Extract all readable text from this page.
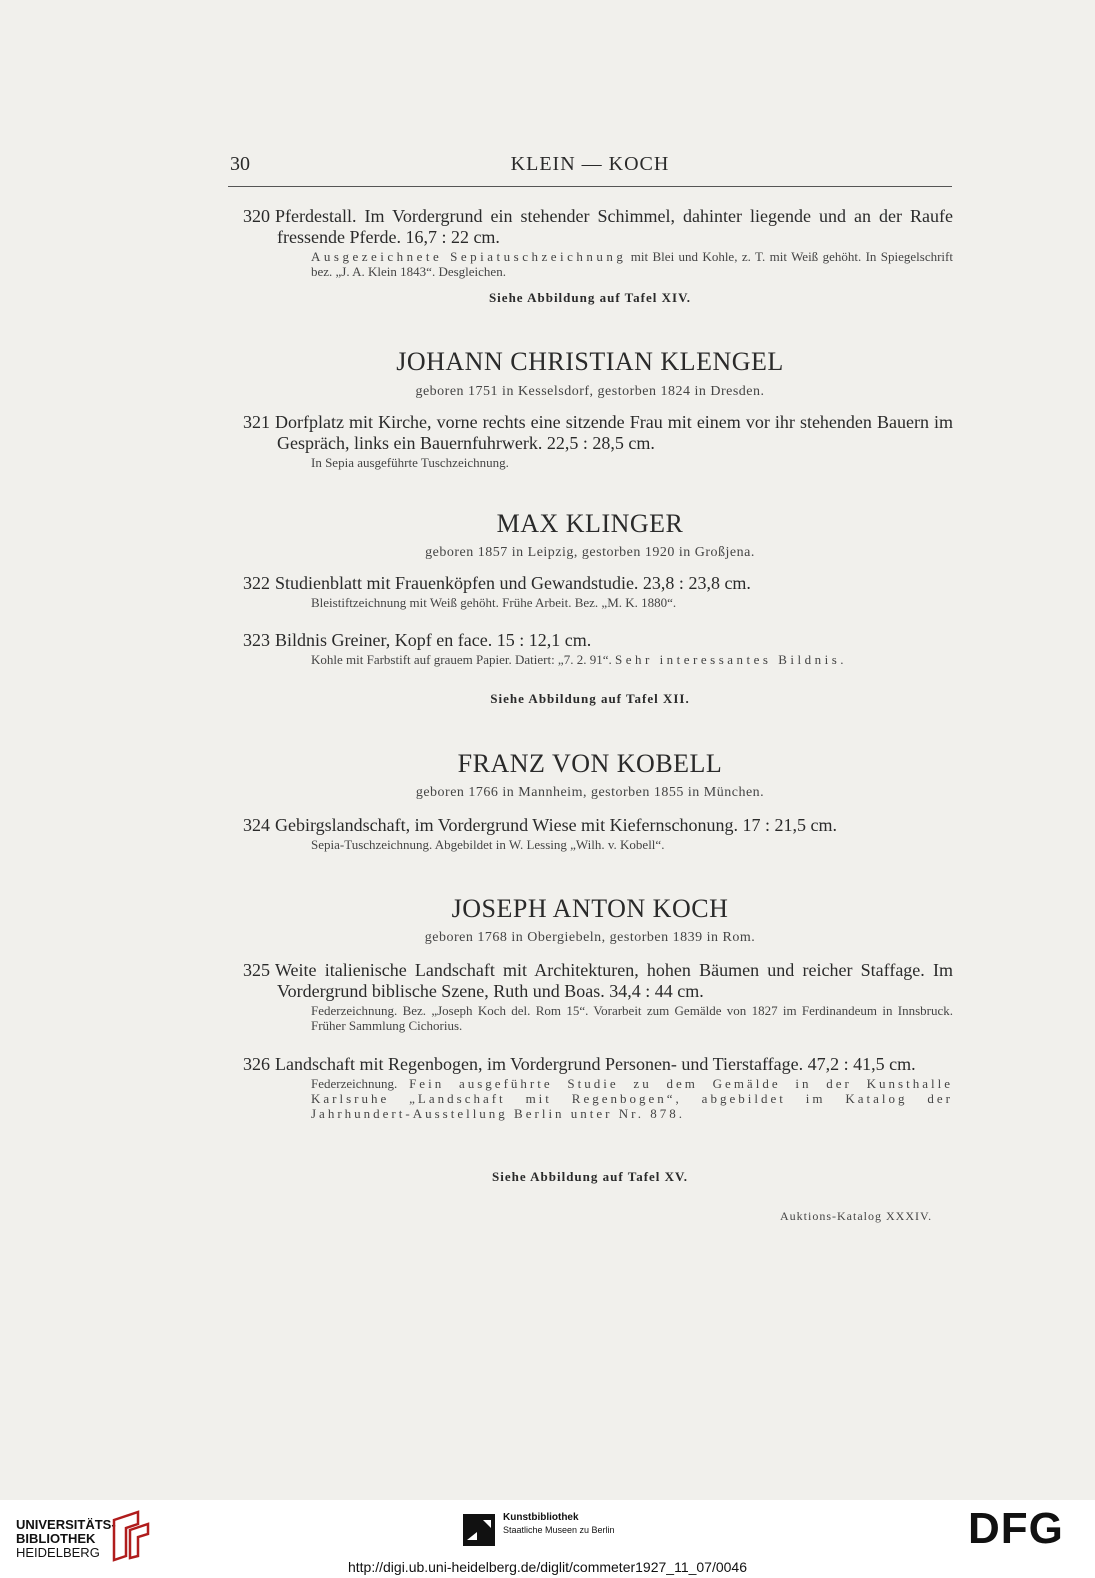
30	KLEIN — KOCH
320 Pferdestall. Im Vordergrund ein stehender Schimmel, dahinter liegende und an der Raufe fressende Pferde. 16,7 : 22 cm.

Ausgezeichnete Sepiatuschzeichnung mit Blei und Kohle, z. T. mit Weiß gehöht. In Spiegelschrift bez. „J. A. Klein 1843“. Desgleichen.

Siehe Abbildung auf Tafel XIV.
JOHANN CHRISTIAN KLENGEL
geboren 1751 in Kesselsdorf, gestorben 1824 in Dresden.
321 Dorfplatz mit Kirche, vorne rechts eine sitzende Frau mit einem vor ihr stehenden Bauern im Gespräch, links ein Bauernfuhrwerk. 22,5 : 28,5 cm.

In Sepia ausgeführte Tuschzeichnung.

MAX KLINGER
geboren 1857 in Leipzig, gestorben 1920 in Großjena.
322 Studienblatt mit Frauenköpfen und Gewandstudie. 23,8 : 23,8 cm.

Bleistiftzeichnung mit Weiß gehöht. Frühe Arbeit. Bez. „M. K. 1880“.

323 Bildnis Greiner, Kopf en face. 15 : 12,1 cm.

Kohle mit Farbstift auf grauem Papier. Datiert: „7. 2. 91“. Sehr interessantes Bildnis.

Siehe Abbildung auf Tafel XII.
FRANZ VON KOBELL
geboren 1766 in Mannheim, gestorben 1855 in München.
324 Gebirgslandschaft, im Vordergrund Wiese mit Kiefernschonung. 17 : 21,5 cm.

Sepia-Tuschzeichnung. Abgebildet in W. Lessing „Wilh. v. Kobell“.

JOSEPH ANTON KOCH
geboren 1768 in Obergiebeln, gestorben 1839 in Rom.
325 Weite italienische Landschaft mit Architekturen, hohen Bäumen und reicher Staffage. Im Vordergrund biblische Szene, Ruth und Boas. 34,4 : 44 cm.

Federzeichnung. Bez. „Joseph Koch del. Rom 15“. Vorarbeit zum Gemälde von 1827 im Ferdinandeum in Innsbruck. Früher Sammlung Cichorius.

326 Landschaft mit Regenbogen, im Vordergrund Personen- und Tierstaffage. 47,2 : 41,5 cm.

Federzeichnung. Fein ausgeführte Studie zu dem Gemälde in der Kunsthalle Karlsruhe „Landschaft mit Regenbogen“, abgebildet im Katalog der Jahrhundert-Ausstellung Berlin unter Nr. 878.

Siehe Abbildung auf Tafel XV.
Auktions-Katalog XXXIV.
UNIVERSITÄTS-
BIBLIOTHEK
HEIDELBERG
Kunstbibliothek
Staatliche Museen zu Berlin	DFG
http://digi.ub.uni-heidelberg.de/diglit/commeter1927_11_07/0046
